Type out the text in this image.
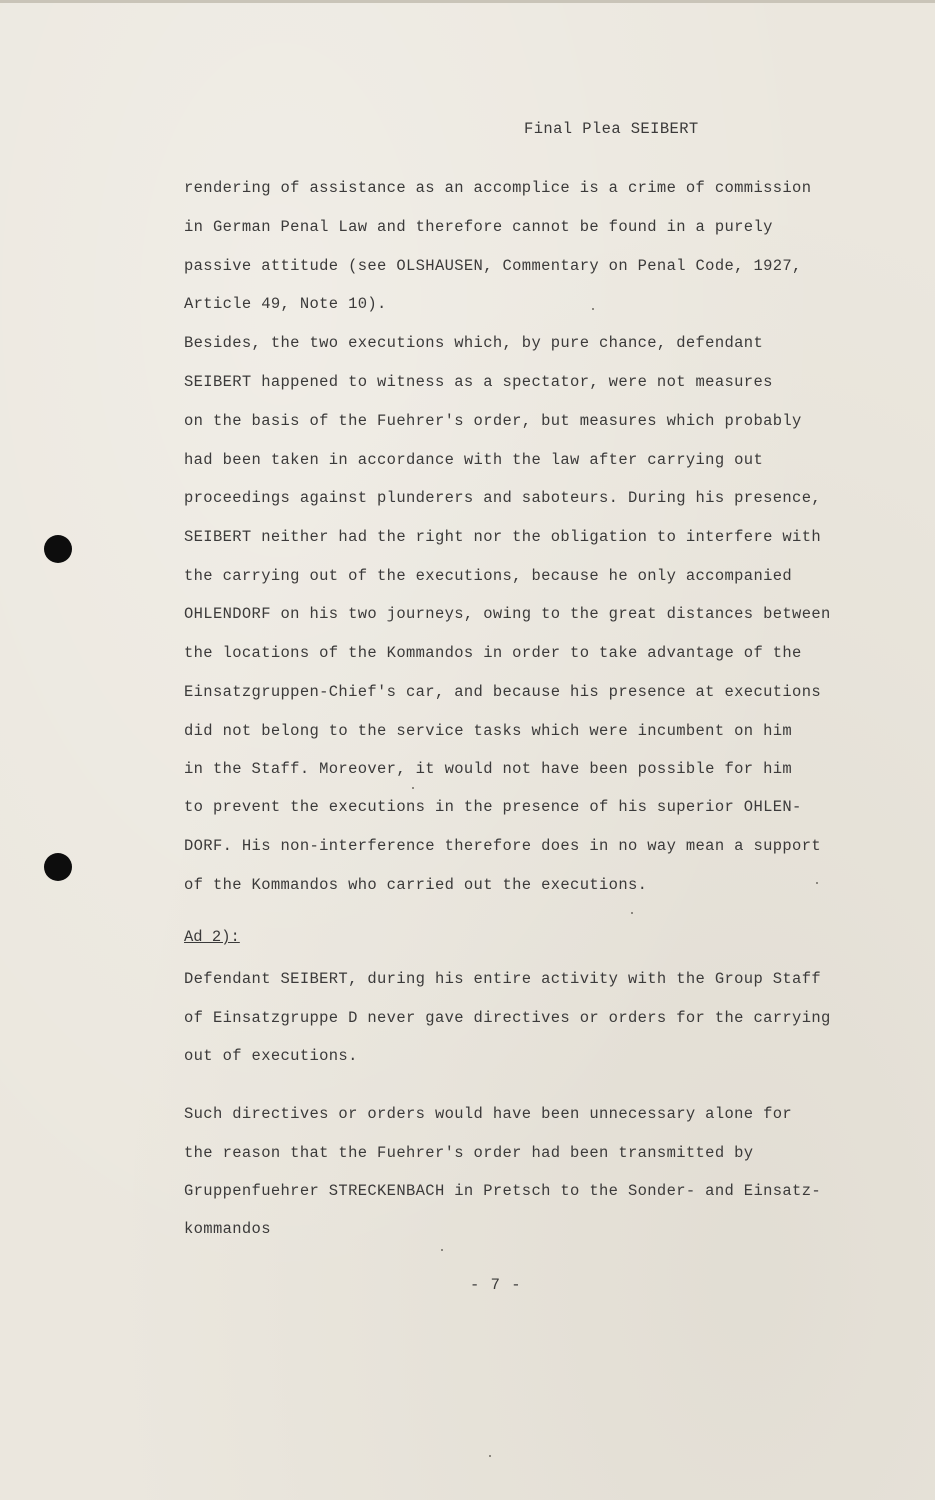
Final Plea SEIBERT
rendering of assistance as an accomplice is a crime of commission
in German Penal Law and therefore cannot be found in a purely
passive attitude (see OLSHAUSEN, Commentary on Penal Code, 1927,
Article 49, Note 10).
Besides, the two executions which, by pure chance, defendant
SEIBERT happened to witness as a spectator, were not measures
on the basis of the Fuehrer's order, but measures which probably
had been taken in accordance with the law after carrying out
proceedings against plunderers and saboteurs. During his presence,
SEIBERT neither had the right nor the obligation to interfere with
the carrying out of the executions, because he only accompanied
OHLENDORF on his two journeys, owing to the great distances between
the locations of the Kommandos in order to take advantage of the
Einsatzgruppen-Chief's car, and because his presence at executions
did not belong to the service tasks which were incumbent on him
in the Staff. Moreover, it would not have been possible for him
to prevent the executions in the presence of his superior OHLEN-
DORF. His non-interference therefore does in no way mean a support
of the Kommandos who carried out the executions.
Ad 2):
Defendant SEIBERT, during his entire activity with the Group Staff
of Einsatzgruppe D never gave directives or orders for the carrying
out of executions.
Such directives or orders would have been unnecessary alone for
the reason that the Fuehrer's order had been transmitted by
Gruppenfuehrer STRECKENBACH in Pretsch to the Sonder- and Einsatz-
kommandos
- 7 -
